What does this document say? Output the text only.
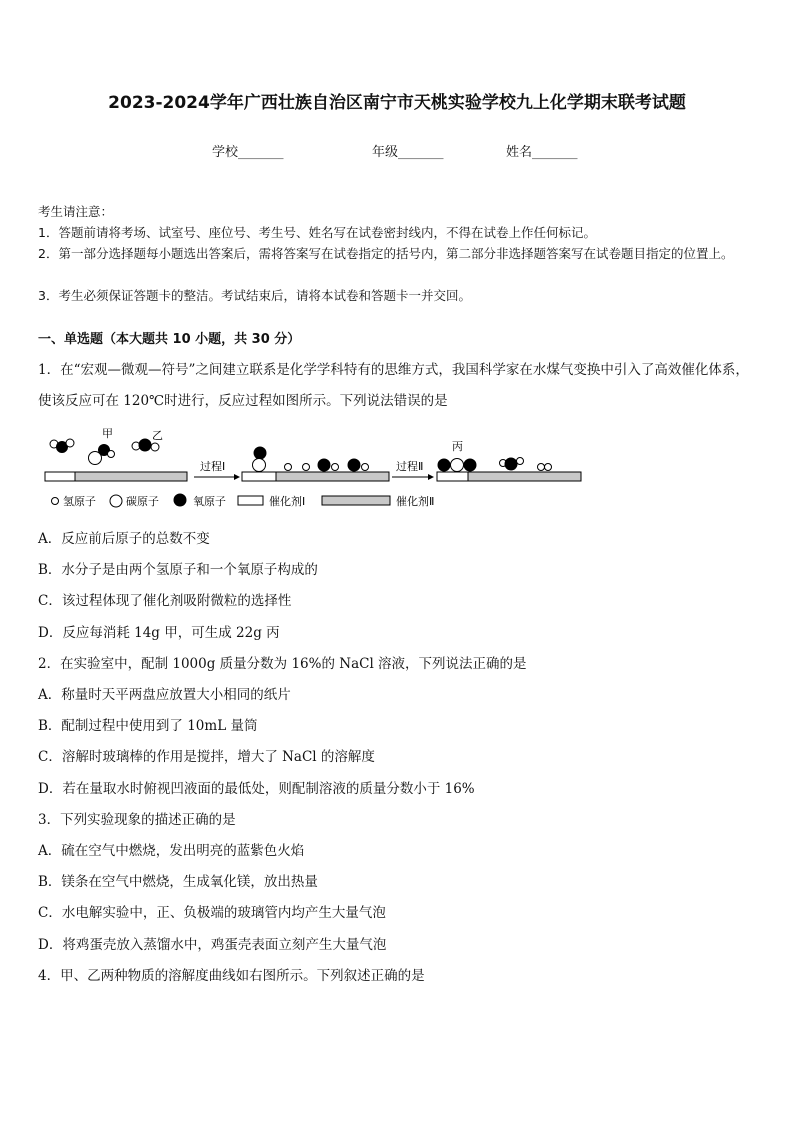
2023-2024学年广西壮族自治区南宁市天桃实验学校九上化学期末联考试题
学校_______	年级_______	姓名_______
考生请注意：
1．答题前请将考场、试室号、座位号、考生号、姓名写在试卷密封线内，不得在试卷上作任何标记。
2．第一部分选择题每小题选出答案后，需将答案写在试卷指定的括号内，第二部分非选择题答案写在试卷题目指定的位置上。
3．考生必须保证答题卡的整洁。考试结束后，请将本试卷和答题卡一并交回。
一、单选题（本大题共 10 小题，共 30 分）
1．在“宏观—微观—符号”之间建立联系是化学学科特有的思维方式，我国科学家在水煤气变换中引入了高效催化体系，使该反应可在 120℃时进行，反应过程如图所示。下列说法错误的是
甲	乙
过程Ⅰ	过程Ⅱ
丙
氢原子	碳原子	氧原子	催化剂Ⅰ	催化剂Ⅱ
A．反应前后原子的总数不变
B．水分子是由两个氢原子和一个氧原子构成的
C．该过程体现了催化剂吸附微粒的选择性
D．反应每消耗 14g 甲，可生成 22g 丙
2．在实验室中，配制 1000g 质量分数为 16%的 NaCl 溶液，下列说法正确的是
A．称量时天平两盘应放置大小相同的纸片
B．配制过程中使用到了 10mL 量筒
C．溶解时玻璃棒的作用是搅拌，增大了 NaCl 的溶解度
D．若在量取水时俯视凹液面的最低处，则配制溶液的质量分数小于 16%
3．下列实验现象的描述正确的是
A．硫在空气中燃烧，发出明亮的蓝紫色火焰
B．镁条在空气中燃烧，生成氧化镁，放出热量
C．水电解实验中，正、负极端的玻璃管内均产生大量气泡
D．将鸡蛋壳放入蒸馏水中，鸡蛋壳表面立刻产生大量气泡
4．甲、乙两种物质的溶解度曲线如右图所示。下列叙述正确的是
